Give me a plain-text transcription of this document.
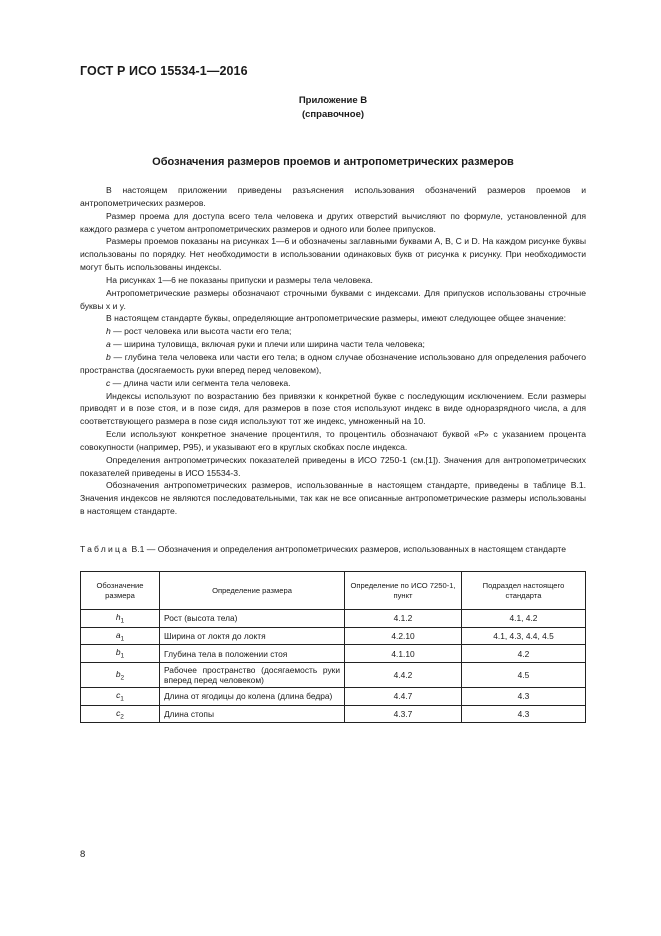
ГОСТ Р ИСО 15534-1—2016
Приложение В
(справочное)
Обозначения размеров проемов и антропометрических размеров

В настоящем приложении приведены разъяснения использования обозначений размеров проемов и антропометрических размеров.

Размер проема для доступа всего тела человека и других отверстий вычисляют по формуле, установленной для каждого размера с учетом антропометрических размеров и одного или более припусков.

Размеры проемов показаны на рисунках 1—6 и обозначены заглавными буквами А, В, С и D. На каждом рисунке буквы использованы по порядку. Нет необходимости в использовании одинаковых букв от рисунка к рисунку. При необходимости могут быть использованы индексы.

На рисунках 1—6 не показаны припуски и размеры тела человека.

Антропометрические размеры обозначают строчными буквами с индексами. Для припусков использованы строчные буквы x и y.

В настоящем стандарте буквы, определяющие антропометрические размеры, имеют следующее общее значение:

h — рост человека или высота части его тела;

a — ширина туловища, включая руки и плечи или ширина части тела человека;

b — глубина тела человека или части его тела; в одном случае обозначение использовано для определения рабочего пространства (досягаемость руки вперед перед человеком),

c — длина части или сегмента тела человека.

Индексы используют по возрастанию без привязки к конкретной букве с последующим исключением. Если размеры приводят и в позе стоя, и в позе сидя, для размеров в позе стоя используют индекс в виде одноразрядного числа, а для соответствующего размера в позе сидя используют тот же индекс, умноженный на 10.

Если используют конкретное значение процентиля, то процентиль обозначают буквой «Р» с указанием процента совокупности (например, Р95), и указывают его в круглых скобках после индекса.

Определения антропометрических показателей приведены в ИСО 7250-1 (см.[1]). Значения для антропометрических показателей приведены в ИСО 15534-3.

Обозначения антропометрических размеров, использованные в настоящем стандарте, приведены в таблице В.1. Значения индексов не являются последовательными, так как не все описанные антропометрические размеры использованы в настоящем стандарте.

Таблица В.1 — Обозначения и определения антропометрических размеров, использованных в настоящем стандарте
Обозначение размера	Определение размера	Определение по ИСО 7250-1, пункт	Подраздел настоящего стандарта
$h_1$	Рост (высота тела)	4.1.2	4.1, 4.2
$a_1$	Ширина от локтя до локтя	4.2.10	4.1, 4.3, 4.4, 4.5
$b_1$	Глубина тела в положении стоя	4.1.10	4.2
$b_2$	Рабочее пространство (досягаемость руки вперед перед человеком)	4.4.2	4.5
$c_1$	Длина от ягодицы до колена (длина бедра)	4.4.7	4.3
$c_2$	Длина стопы	4.3.7	4.3
8
